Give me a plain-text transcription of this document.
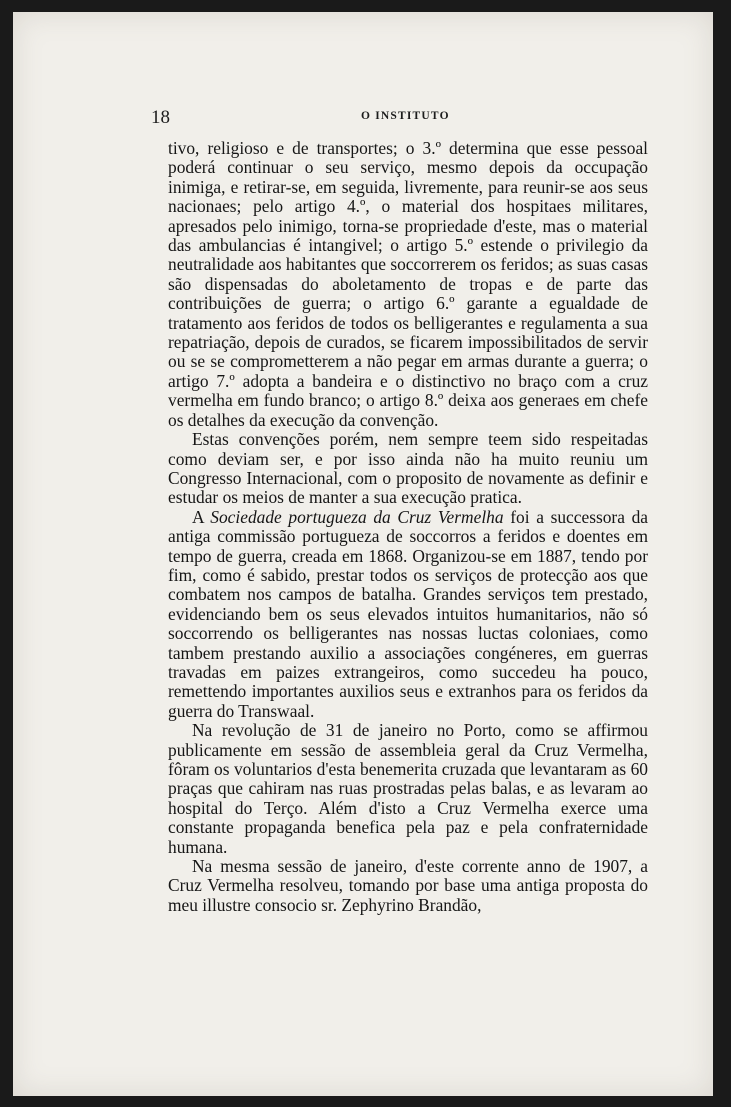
18	O INSTITUTO

tivo, religioso e de transportes; o 3.º determina que esse pessoal poderá continuar o seu serviço, mesmo depois da occupação inimiga, e retirar-se, em seguida, livremente, para reunir-se aos seus nacionaes; pelo artigo 4.º, o material dos hospitaes militares, apresados pelo inimigo, torna-se propriedade d'este, mas o material das ambulancias é intangivel; o artigo 5.º estende o privilegio da neutralidade aos habitantes que soccorrerem os feridos; as suas casas são dispensadas do aboletamento de tropas e de parte das contribuições de guerra; o artigo 6.º garante a egualdade de tratamento aos feridos de todos os belligerantes e regulamenta a sua repatriação, depois de curados, se ficarem impossibilitados de servir ou se se comprometterem a não pegar em armas durante a guerra; o artigo 7.º adopta a bandeira e o distinctivo no braço com a cruz vermelha em fundo branco; o artigo 8.º deixa aos generaes em chefe os detalhes da execução da convenção.

Estas convenções porém, nem sempre teem sido respeitadas como deviam ser, e por isso ainda não ha muito reuniu um Congresso Internacional, com o proposito de novamente as definir e estudar os meios de manter a sua execução pratica.

A Sociedade portugueza da Cruz Vermelha foi a successora da antiga commissão portugueza de soccorros a feridos e doentes em tempo de guerra, creada em 1868. Organizou-se em 1887, tendo por fim, como é sabido, prestar todos os serviços de protecção aos que combatem nos campos de batalha. Grandes serviços tem prestado, evidenciando bem os seus elevados intuitos humanitarios, não só soccorrendo os belligerantes nas nossas luctas coloniaes, como tambem prestando auxilio a associações congéneres, em guerras travadas em paizes extrangeiros, como succedeu ha pouco, remettendo importantes auxilios seus e extranhos para os feridos da guerra do Transwaal.

Na revolução de 31 de janeiro no Porto, como se affirmou publicamente em sessão de assembleia geral da Cruz Vermelha, fôram os voluntarios d'esta benemerita cruzada que levantaram as 60 praças que cahiram nas ruas prostradas pelas balas, e as levaram ao hospital do Terço. Além d'isto a Cruz Vermelha exerce uma constante propaganda benefica pela paz e pela confraternidade humana.

Na mesma sessão de janeiro, d'este corrente anno de 1907, a Cruz Vermelha resolveu, tomando por base uma antiga proposta do meu illustre consocio sr. Zephyrino Brandão,
